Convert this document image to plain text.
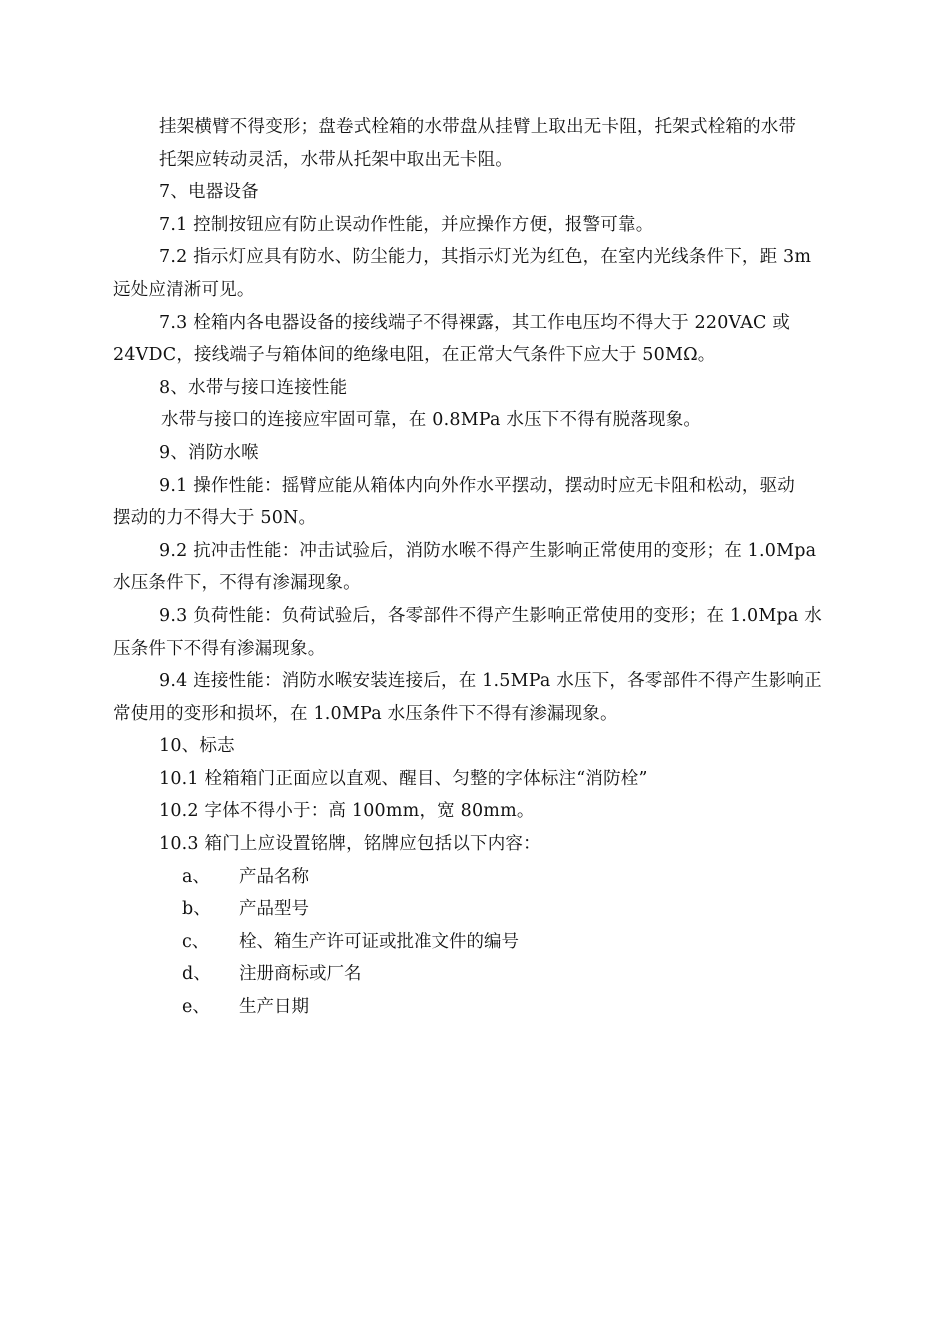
挂架横臂不得变形；盘卷式栓箱的水带盘从挂臂上取出无卡阻，托架式栓箱的水带
托架应转动灵活，水带从托架中取出无卡阻。
7、电器设备
7.1 控制按钮应有防止误动作性能，并应操作方便，报警可靠。
7.2 指示灯应具有防水、防尘能力，其指示灯光为红色，在室内光线条件下，距 3m
远处应清淅可见。
7.3 栓箱内各电器设备的接线端子不得裸露，其工作电压均不得大于 220VAC 或
24VDC，接线端子与箱体间的绝缘电阻，在正常大气条件下应大于 50MΩ。
8、水带与接口连接性能
水带与接口的连接应牢固可靠，在 0.8MPa 水压下不得有脱落现象。
9、消防水喉
9.1 操作性能：摇臂应能从箱体内向外作水平摆动，摆动时应无卡阻和松动，驱动
摆动的力不得大于 50N。
9.2 抗冲击性能：冲击试验后，消防水喉不得产生影响正常使用的变形；在 1.0Mpa
水压条件下，不得有渗漏现象。
9.3 负荷性能：负荷试验后，各零部件不得产生影响正常使用的变形；在 1.0Mpa 水
压条件下不得有渗漏现象。
9.4 连接性能：消防水喉安装连接后，在 1.5MPa 水压下，各零部件不得产生影响正
常使用的变形和损坏，在 1.0MPa 水压条件下不得有渗漏现象。
10、标志
10.1 栓箱箱门正面应以直观、醒目、匀整的字体标注“消防栓”
10.2 字体不得小于：高 100mm，宽 80mm。
10.3 箱门上应设置铭牌，铭牌应包括以下内容：
a、 产品名称
b、 产品型号
c、 栓、箱生产许可证或批准文件的编号
d、 注册商标或厂名
e、 生产日期
